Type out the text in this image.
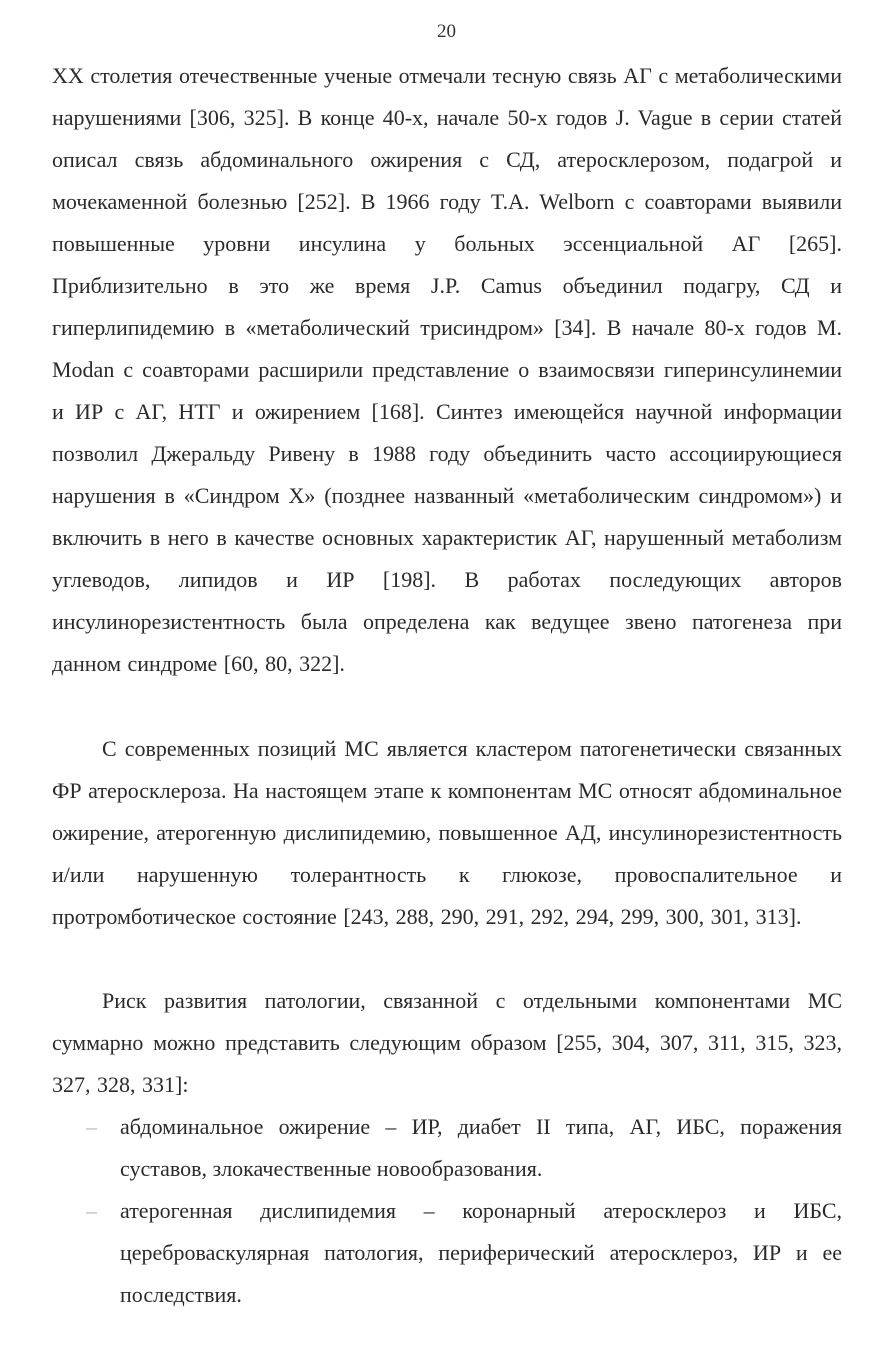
20
XX столетия отечественные ученые отмечали тесную связь АГ с метаболическими нарушениями [306, 325]. В конце 40-х, начале 50-х годов J. Vague в серии статей описал связь абдоминального ожирения с СД, атеросклерозом, подагрой и мочекаменной болезнью [252]. В 1966 году T.A. Welborn с соавторами выявили повышенные уровни инсулина у больных эссенциальной АГ [265]. Приблизительно в это же время J.P. Camus объединил подагру, СД и гиперлипидемию в «метаболический трисиндром» [34]. В начале 80-х годов M. Modan с соавторами расширили представление о взаимосвязи гиперинсулинемии и ИР с АГ, НТГ и ожирением [168]. Синтез имеющейся научной информации позволил Джеральду Ривену в 1988 году объединить часто ассоциирующиеся нарушения в «Синдром X» (позднее названный «метаболическим синдромом») и включить в него в качестве основных характеристик АГ, нарушенный метаболизм углеводов, липидов и ИР [198]. В работах последующих авторов инсулинорезистентность была определена как ведущее звено патогенеза при данном синдроме [60, 80, 322].
С современных позиций МС является кластером патогенетически связанных ФР атеросклероза. На настоящем этапе к компонентам МС относят абдоминальное ожирение, атерогенную дислипидемию, повышенное АД, инсулинорезистентность и/или нарушенную толерантность к глюкозе, провоспалительное и протромботическое состояние [243, 288, 290, 291, 292, 294, 299, 300, 301, 313].
Риск развития патологии, связанной с отдельными компонентами МС суммарно можно представить следующим образом [255, 304, 307, 311, 315, 323, 327, 328, 331]:
– абдоминальное ожирение – ИР, диабет II типа, АГ, ИБС, поражения суставов, злокачественные новообразования.
– атерогенная дислипидемия – коронарный атеросклероз и ИБС, цереброваскулярная патология, периферический атеросклероз, ИР и ее последствия.
